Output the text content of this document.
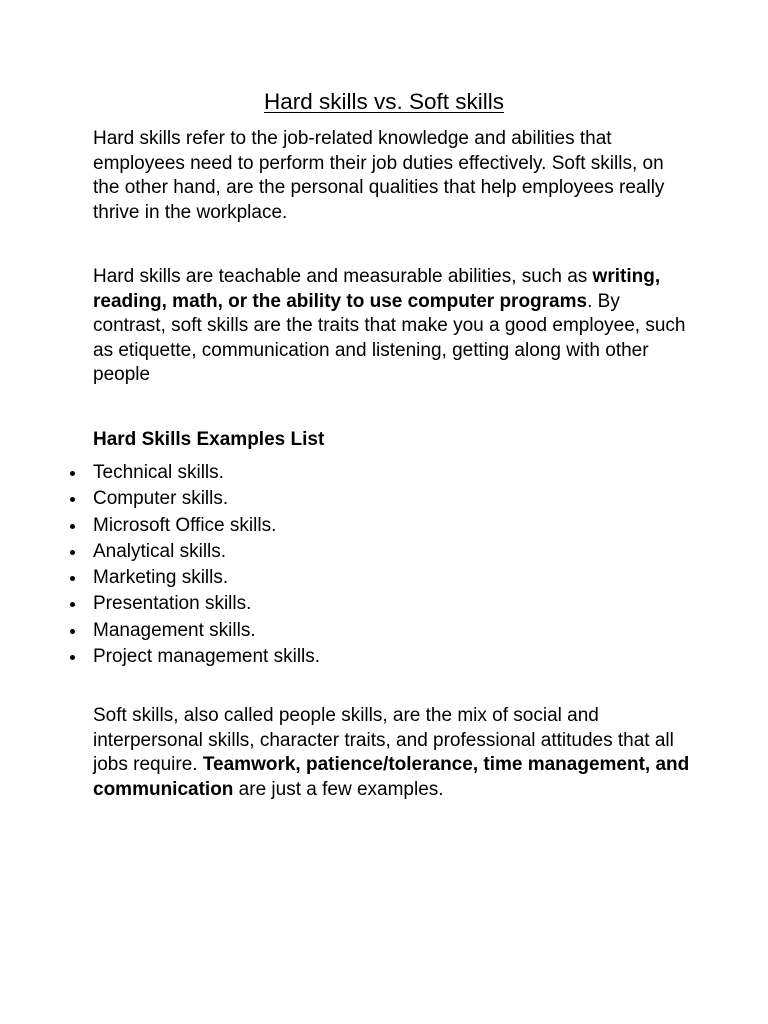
Hard skills vs. Soft skills

Hard skills refer to the job-related knowledge and abilities that employees need to perform their job duties effectively. Soft skills, on the other hand, are the personal qualities that help employees really thrive in the workplace.

Hard skills are teachable and measurable abilities, such as writing, reading, math, or the ability to use computer programs. By contrast, soft skills are the traits that make you a good employee, such as etiquette, communication and listening, getting along with other people

Hard Skills Examples List
Technical skills.
Computer skills.
Microsoft Office skills.
Analytical skills.
Marketing skills.
Presentation skills.
Management skills.
Project management skills.

Soft skills, also called people skills, are the mix of social and interpersonal skills, character traits, and professional attitudes that all jobs require. Teamwork, patience/tolerance, time management, and communication are just a few examples.
